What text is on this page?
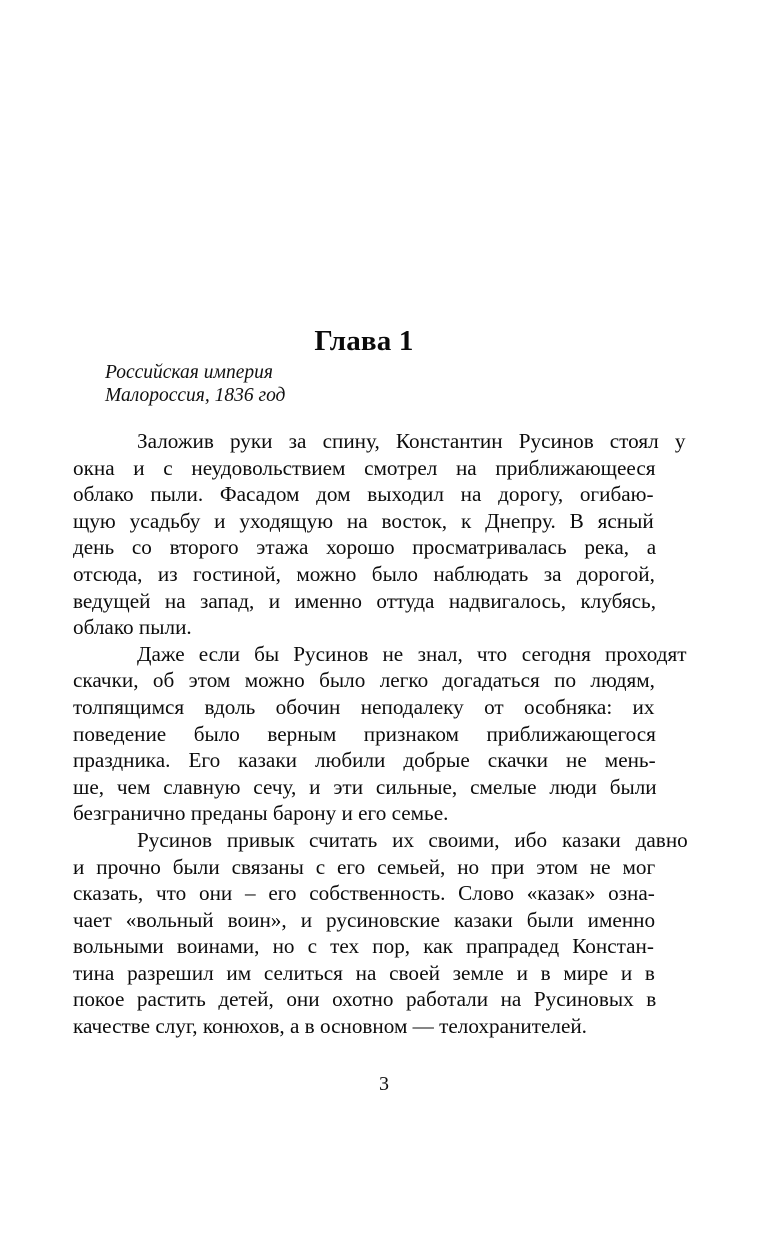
Глава 1
Российская империя
Малороссия, 1836 год

Заложив руки за спину, Константин Русинов стоял у
окна и с неудовольствием смотрел на приближающееся
облако пыли. Фасадом дом выходил на дорогу, огибаю-
щую усадьбу и уходящую на восток, к Днепру. В ясный
день со второго этажа хорошо просматривалась река, а
отсюда, из гостиной, можно было наблюдать за дорогой,
ведущей на запад, и именно оттуда надвигалось, клубясь,
облако пыли.

Даже если бы Русинов не знал, что сегодня проходят
скачки, об этом можно было легко догадаться по людям,
толпящимся вдоль обочин неподалеку от особняка: их
поведение было верным признаком приближающегося
праздника. Его казаки любили добрые скачки не мень-
ше, чем славную сечу, и эти сильные, смелые люди были
безгранично преданы барону и его семье.

Русинов привык считать их своими, ибо казаки давно
и прочно были связаны с его семьей, но при этом не мог
сказать, что они – его собственность. Слово «казак» озна-
чает «вольный воин», и русиновские казаки были именно
вольными воинами, но с тех пор, как прапрадед Констан-
тина разрешил им селиться на своей земле и в мире и в
покое растить детей, они охотно работали на Русиновых в
качестве слуг, конюхов, а в основном — телохранителей.

3
